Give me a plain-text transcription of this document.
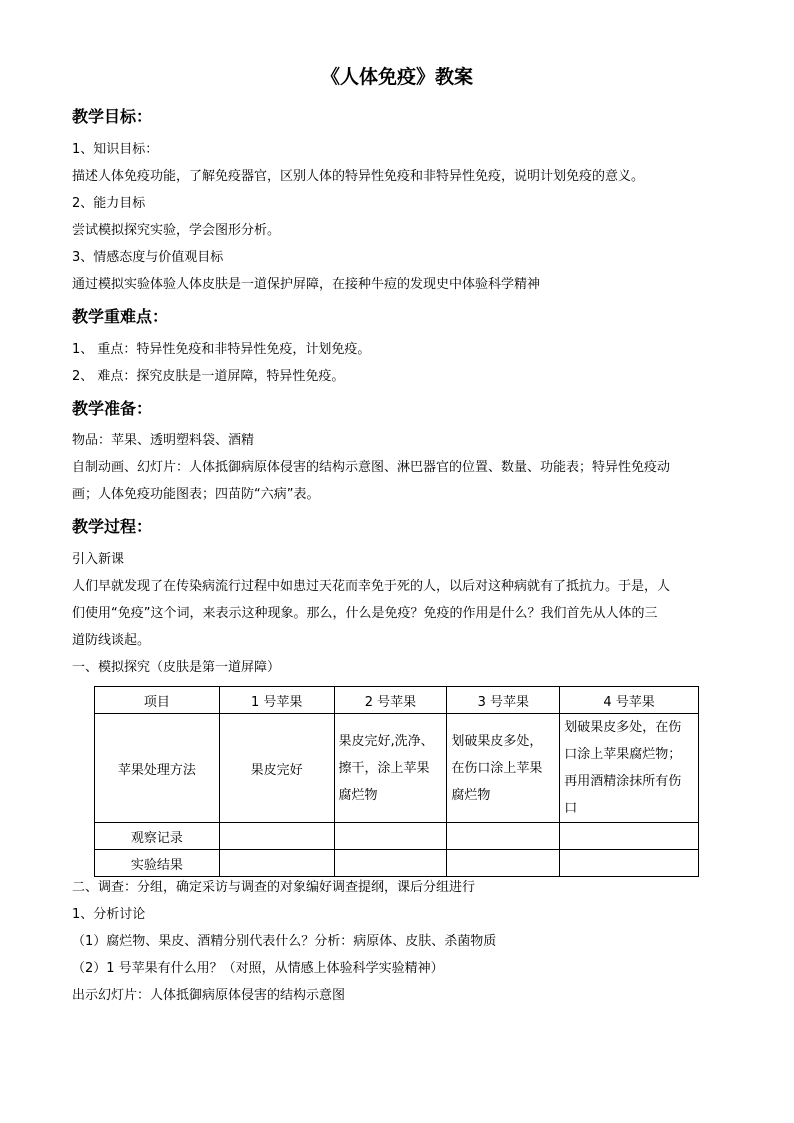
《人体免疫》教案
教学目标：
1、知识目标：
描述人体免疫功能，了解免疫器官，区别人体的特异性免疫和非特异性免疫，说明计划免疫的意义。
2、能力目标
尝试模拟探究实验，学会图形分析。
3、情感态度与价值观目标
通过模拟实验体验人体皮肤是一道保护屏障，在接种牛痘的发现史中体验科学精神
教学重难点：
1、 重点：特异性免疫和非特异性免疫，计划免疫。
2、 难点：探究皮肤是一道屏障，特异性免疫。
教学准备：
物品：苹果、透明塑料袋、酒精
自制动画、幻灯片：人体抵御病原体侵害的结构示意图、淋巴器官的位置、数量、功能表；特异性免疫动
画；人体免疫功能图表；四苗防“六病”表。
教学过程：
引入新课
人们早就发现了在传染病流行过程中如患过天花而幸免于死的人，以后对这种病就有了抵抗力。于是，人
们使用“免疫”这个词，来表示这种现象。那么，什么是免疫？免疫的作用是什么？我们首先从人体的三
道防线谈起。
一、模拟探究（皮肤是第一道屏障）
项目	1 号苹果	2 号苹果	3 号苹果	4 号苹果
苹果处理方法	果皮完好	果皮完好,洗净、擦干，涂上苹果腐烂物	划破果皮多处，在伤口涂上苹果腐烂物	划破果皮多处，在伤口涂上苹果腐烂物；再用酒精涂抹所有伤口
观察记录				
实验结果				
二、调查：分组，确定采访与调查的对象编好调查提纲，课后分组进行
1、分析讨论
（1）腐烂物、果皮、酒精分别代表什么？分析：病原体、皮肤、杀菌物质
（2）1 号苹果有什么用？（对照，从情感上体验科学实验精神）
出示幻灯片：人体抵御病原体侵害的结构示意图
